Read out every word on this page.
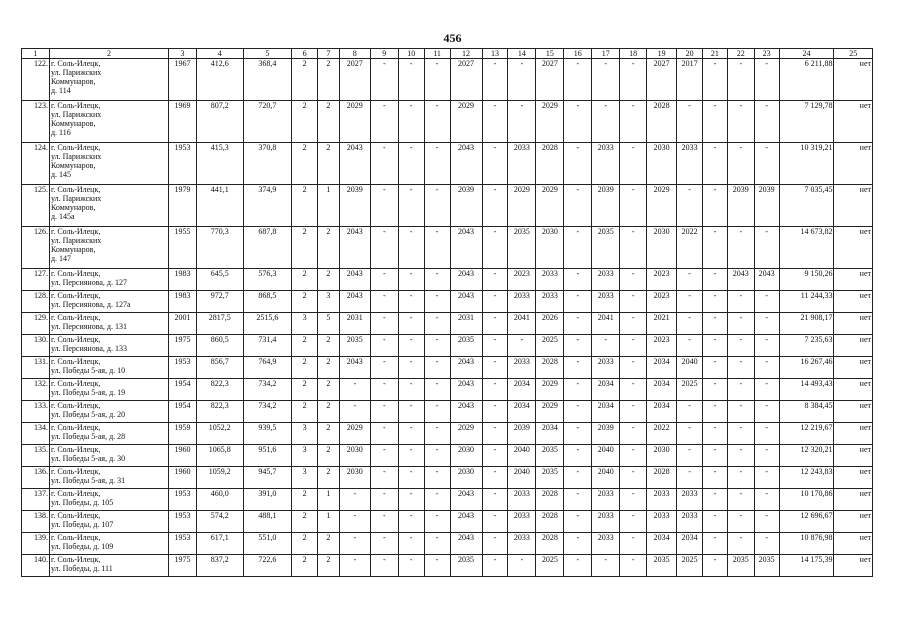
456
1	2	3	4	5	6	7	8	9	10	11	12	13	14	15	16	17	18	19	20	21	22	23	24	25
122.	г. Соль-Илецк,
ул. Парижских
Коммунаров,
д. 114	1967	412,6	368,4	2	2	2027	-	-	-	2027	-	-	2027	-	-	-	2027	2017	-	-	-	6 211,88	нет
123.	г. Соль-Илецк,
ул. Парижских
Коммунаров,
д. 116	1969	807,2	720,7	2	2	2029	-	-	-	2029	-	-	2029	-	-	-	2028	-	-	-	-	7 129,78	нет
124.	г. Соль-Илецк,
ул. Парижских
Коммунаров,
д. 145	1953	415,3	370,8	2	2	2043	-	-	-	2043	-	2033	2028	-	2033	-	2030	2033	-	-	-	10 319,21	нет
125.	г. Соль-Илецк,
ул. Парижских
Коммунаров,
д. 145а	1979	441,1	374,9	2	1	2039	-	-	-	2039	-	2029	2029	-	2039	-	2029	-	-	2039	2039	7 035,45	нет
126.	г. Соль-Илецк,
ул. Парижских
Коммунаров,
д. 147	1955	770,3	687,8	2	2	2043	-	-	-	2043	-	2035	2030	-	2035	-	2030	2022	-	-	-	14 673,82	нет
127.	г. Соль-Илецк,
ул. Персиянова, д. 127	1983	645,5	576,3	2	2	2043	-	-	-	2043	-	2023	2033	-	2033	-	2023	-	-	2043	2043	9 150,26	нет
128.	г. Соль-Илецк,
ул. Персиянова, д. 127а	1983	972,7	868,5	2	3	2043	-	-	-	2043	-	2033	2033	-	2033	-	2023	-	-	-	-	11 244,33	нет
129.	г. Соль-Илецк,
ул. Персиянова, д. 131	2001	2817,5	2515,6	3	5	2031	-	-	-	2031	-	2041	2026	-	2041	-	2021	-	-	-	-	21 908,17	нет
130.	г. Соль-Илецк,
ул. Персиянова, д. 133	1975	860,5	731,4	2	2	2035	-	-	-	2035	-	-	2025	-	-	-	2023	-	-	-	-	7 235,63	нет
131.	г. Соль-Илецк,
ул. Победы 5-ая, д. 10	1953	856,7	764,9	2	2	2043	-	-	-	2043	-	2033	2028	-	2033	-	2034	2040	-	-	-	16 267,46	нет
132.	г. Соль-Илецк,
ул. Победы 5-ая, д. 19	1954	822,3	734,2	2	2	-	-	-	-	2043	-	2034	2029	-	2034	-	2034	2025	-	-	-	14 493,43	нет
133.	г. Соль-Илецк,
ул. Победы 5-ая, д. 20	1954	822,3	734,2	2	2	-	-	-	-	2043	-	2034	2029	-	2034	-	2034	-	-	-	-	8 384,45	нет
134.	г. Соль-Илецк,
ул. Победы 5-ая, д. 28	1959	1052,2	939,5	3	2	2029	-	-	-	2029	-	2039	2034	-	2039	-	2022	-	-	-	-	12 219,67	нет
135.	г. Соль-Илецк,
ул. Победы 5-ая, д. 30	1960	1065,8	951,6	3	2	2030	-	-	-	2030	-	2040	2035	-	2040	-	2030	-	-	-	-	12 320,21	нет
136.	г. Соль-Илецк,
ул. Победы 5-ая, д. 31	1960	1059,2	945,7	3	2	2030	-	-	-	2030	-	2040	2035	-	2040	-	2028	-	-	-	-	12 243,83	нет
137.	г. Соль-Илецк,
ул. Победы, д. 105	1953	460,0	391,0	2	1	-	-	-	-	2043	-	2033	2028	-	2033	-	2033	2033	-	-	-	10 170,86	нет
138.	г. Соль-Илецк,
ул. Победы, д. 107	1953	574,2	488,1	2	1	-	-	-	-	2043	-	2033	2028	-	2033	-	2033	2033	-	-	-	12 696,67	нет
139.	г. Соль-Илецк,
ул. Победы, д. 109	1953	617,1	551,0	2	2	-	-	-	-	2043	-	2033	2028	-	2033	-	2034	2034	-	-	-	10 876,98	нет
140.	г. Соль-Илецк,
ул. Победы, д. 111	1975	837,2	722,6	2	2	-	-	-	-	2035	-	-	2025	-	-	-	2035	2025	-	2035	2035	14 175,39	нет
